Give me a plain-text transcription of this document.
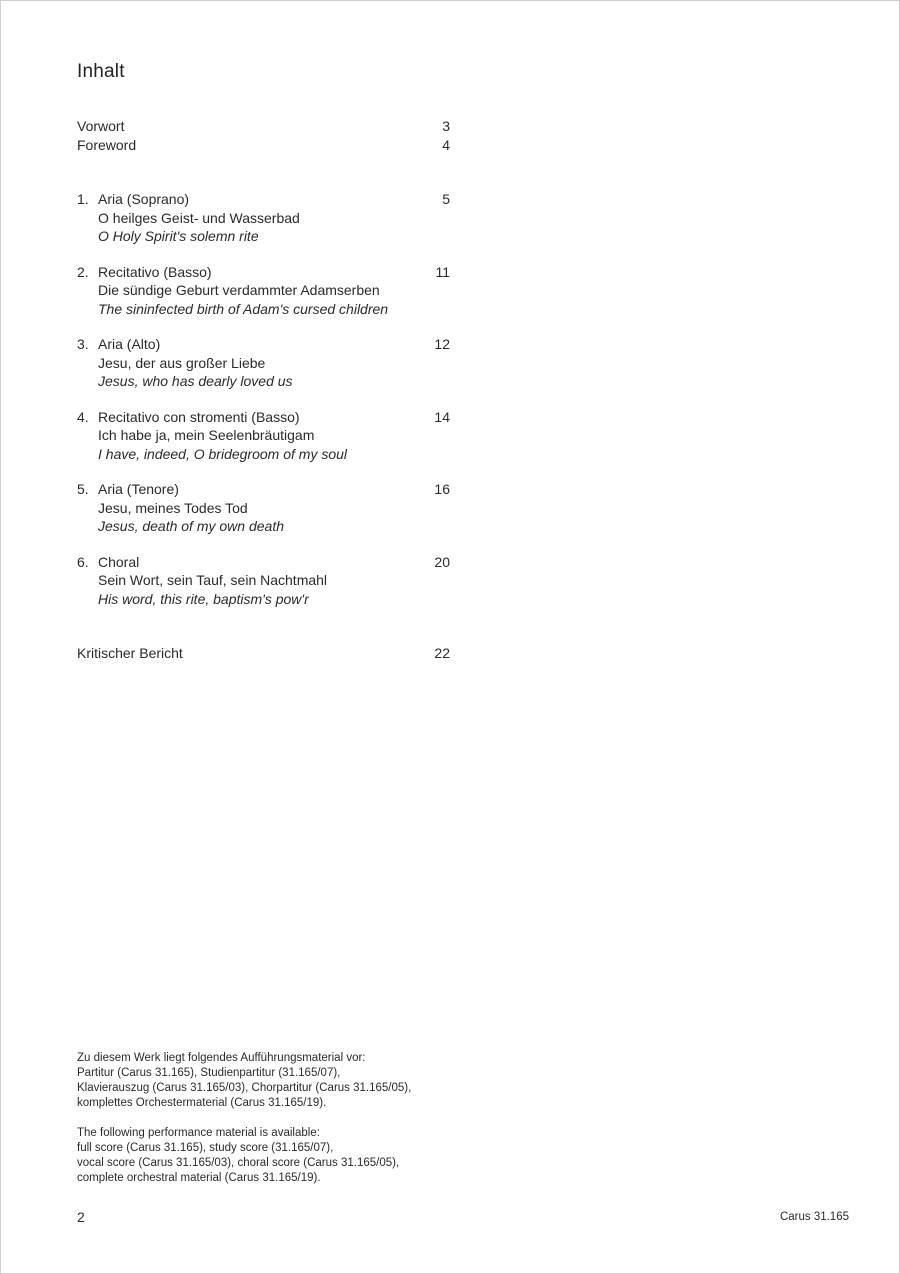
Inhalt
Vorwort	3
Foreword	4
1. Aria (Soprano)	5
O heilges Geist- und Wasserbad
O Holy Spirit's solemn rite
2. Recitativo (Basso)	11
Die sündige Geburt verdammter Adamserben
The sininfected birth of Adam's cursed children
3. Aria (Alto)	12
Jesu, der aus großer Liebe
Jesus, who has dearly loved us
4. Recitativo con stromenti (Basso)	14
Ich habe ja, mein Seelenbräutigam
I have, indeed, O bridegroom of my soul
5. Aria (Tenore)	16
Jesu, meines Todes Tod
Jesus, death of my own death
6. Choral	20
Sein Wort, sein Tauf, sein Nachtmahl
His word, this rite, baptism's pow'r
Kritischer Bericht	22

Zu diesem Werk liegt folgendes Aufführungsmaterial vor:
Partitur (Carus 31.165), Studienpartitur (31.165/07),
Klavierauszug (Carus 31.165/03), Chorpartitur (Carus 31.165/05),
komplettes Orchestermaterial (Carus 31.165/19).

The following performance material is available:
full score (Carus 31.165), study score (31.165/07),
vocal score (Carus 31.165/03), choral score (Carus 31.165/05),
complete orchestral material (Carus 31.165/19).

2	Carus 31.165
